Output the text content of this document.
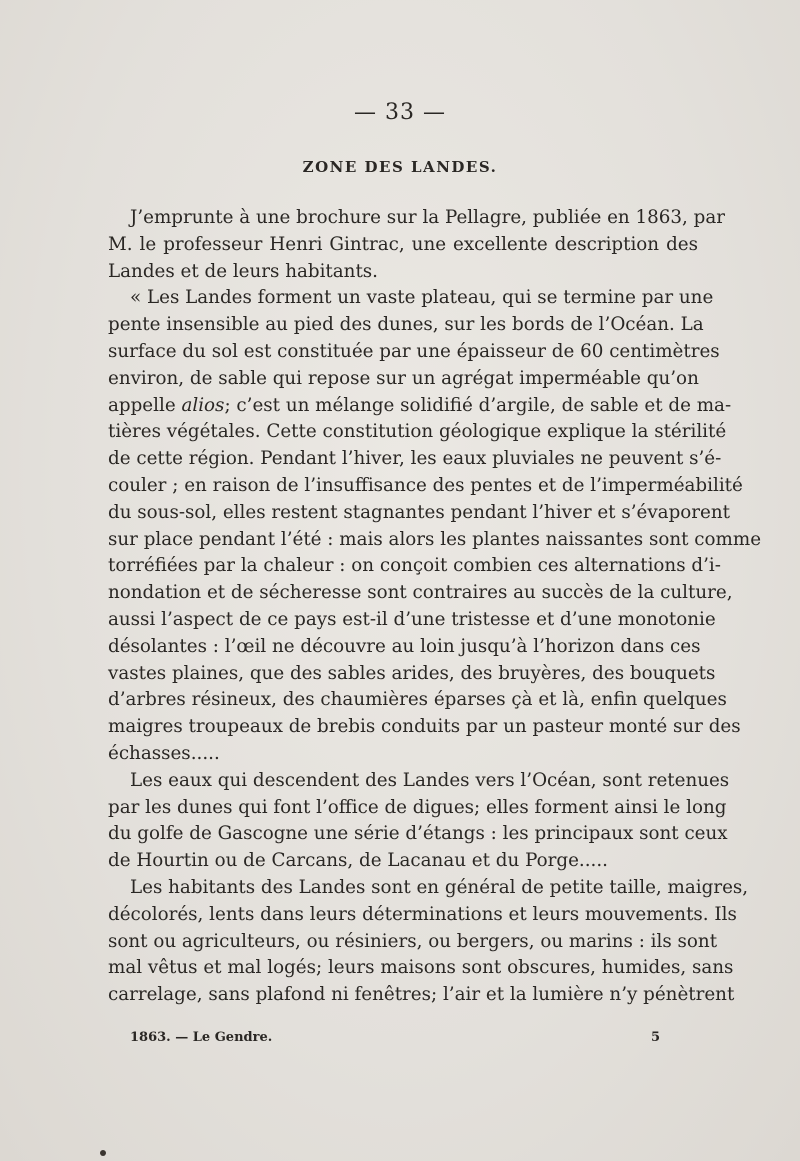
— 33 —
ZONE DES LANDES.
J’emprunte à une brochure sur la Pellagre, publiée en 1863, par
M. le professeur Henri Gintrac, une excellente description des
Landes et de leurs habitants.
« Les Landes forment un vaste plateau, qui se termine par une
pente insensible au pied des dunes, sur les bords de l’Océan. La
surface du sol est constituée par une épaisseur de 60 centimètres
environ, de sable qui repose sur un agrégat imperméable qu’on
appelle alios; c’est un mélange solidifié d’argile, de sable et de ma-
tières végétales. Cette constitution géologique explique la stérilité
de cette région. Pendant l’hiver, les eaux pluviales ne peuvent s’é-
couler ; en raison de l’insuffisance des pentes et de l’imperméabilité
du sous-sol, elles restent stagnantes pendant l’hiver et s’évaporent
sur place pendant l’été : mais alors les plantes naissantes sont comme
torréfiées par la chaleur : on conçoit combien ces alternations d’i-
nondation et de sécheresse sont contraires au succès de la culture,
aussi l’aspect de ce pays est-il d’une tristesse et d’une monotonie
désolantes : l’œil ne découvre au loin jusqu’à l’horizon dans ces
vastes plaines, que des sables arides, des bruyères, des bouquets
d’arbres résineux, des chaumières éparses çà et là, enfin quelques
maigres troupeaux de brebis conduits par un pasteur monté sur des
échasses.....
Les eaux qui descendent des Landes vers l’Océan, sont retenues
par les dunes qui font l’office de digues; elles forment ainsi le long
du golfe de Gascogne une série d’étangs : les principaux sont ceux
de Hourtin ou de Carcans, de Lacanau et du Porge.....
Les habitants des Landes sont en général de petite taille, maigres,
décolorés, lents dans leurs déterminations et leurs mouvements. Ils
sont ou agriculteurs, ou résiniers, ou bergers, ou marins : ils sont
mal vêtus et mal logés; leurs maisons sont obscures, humides, sans
carrelage, sans plafond ni fenêtres; l’air et la lumière n’y pénètrent
1863. — Le Gendre.	5
